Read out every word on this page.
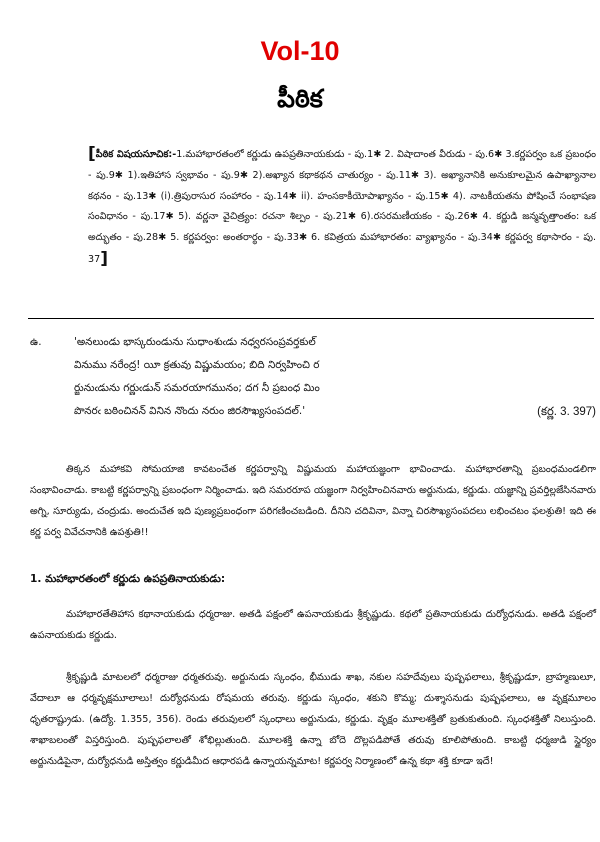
Vol-10
పీఠిక
[పీఠిక విషయసూచిక:-1.మహాభారతంలో కర్ణుడు ఉపప్రతినాయకుడు - పు.1✱ 2. విషాదాంత వీరుడు - పు.6✱ 3.కర్ణపర్వం ఒక ప్రబంధం - పు.9✱ 1).ఇతిహాస స్వభావం - పు.9✱ 2).అఖ్యాన కథాకథన చాతుర్యం - పు.11✱ 3). అఖ్యానానికి అనుకూలమైన ఉపాఖ్యానాల కథనం - పు.13✱ (i).త్రిపురాసుర సంహారం - పు.14✱ ii). హంసకాకీయోపాఖ్యానం - పు.15✱ 4). నాటకీయతను పోషించే సంభాషణ సంవిధానం - పు.17✱ 5). వర్ణనా వైచిత్ర్యం: రచనా శిల్పం - పు.21✱ 6).రసరమణీయకం - పు.26✱ 4. కర్ణుడి జన్మవృత్తాంతం: ఒక అద్భుతం - పు.28✱ 5. కర్ణపర్వం: అంతరార్థం - పు.33✱ 6. కవిత్రయ మహాభారతం: వ్యాఖ్యానం - పు.34✱ కర్ణపర్వ కథాసారం - పు. 37]
ఉ.	'అనలుండు భాస్కరుండును సుధాంశుఁడు నధ్వరసంప్రవర్తకుల్
వినుము నరేంద్ర! యీ క్రతువు విష్ణుమయం; బిది నిర్వహించి ర
ర్జునుఁడును గర్ణుఁడున్ సమరయాగమునం; దగ నీ ప్రబంధ మిం
పొనరఁ బఠించినన్ వినిన నొందు నరుం జిరసౌఖ్యసంపదల్.'	(కర్ణ. 3. 397)
తిక్కన మహాకవి సోమయాజి కావటంచేత కర్ణపర్వాన్ని విష్ణుమయ మహాయజ్ఞంగా భావించాడు. మహాభారతాన్ని ప్రబంధమండలిగా సంభావించాడు. కాబట్టి కర్ణపర్వాన్ని ప్రబంధంగా నిర్మించాడు. ఇది సమరరూప యజ్ఞంగా నిర్వహించినవారు అర్జునుడు, కర్ణుడు. యజ్ఞాన్ని ప్రవర్తిల్లజేసినవారు అగ్ని, సూర్యుడు, చంద్రుడు. అందుచేత ఇది పుణ్యప్రబంధంగా పరిగణించబడింది. దీనిని చదివినా, విన్నా చిరసౌఖ్యసంపదలు లభించటం ఫలశ్రుతి! ఇది ఈ కర్ణ పర్వ వివేచనానికి ఉపశ్రుతి!!
1. మహాభారతంలో కర్ణుడు ఉపప్రతినాయకుడు:
మహాభారతేతిహాస కథానాయకుడు ధర్మరాజు. అతడి పక్షంలో ఉపనాయకుడు శ్రీకృష్ణుడు. కథలో ప్రతినాయకుడు దుర్యోధనుడు. అతడి పక్షంలో ఉపనాయకుడు కర్ణుడు.
శ్రీకృష్ణుడి మాటలలో ధర్మరాజు ధర్మతరువు. అర్జునుడు స్కంధం, భీముడు శాఖ, నకుల సహదేవులు పుష్పఫలాలు, శ్రీకృష్ణుడూ, బ్రాహ్మణులూ, వేదాలూ ఆ ధర్మవృక్షమూలాలు! దుర్యోధనుడు రోషమయ తరువు. కర్ణుడు స్కంధం, శకుని కొమ్మ; దుశ్శాసనుడు పుష్పఫలాలు, ఆ వృక్షమూలం ధృతరాష్ట్రుడు. (ఉద్యో. 1.355, 356). రెండు తరువులలో స్కంధాలు అర్జునుడు, కర్ణుడు. వృక్షం మూలశక్తితో బ్రతుకుతుంది. స్కంధశక్తితో నిలుస్తుంది. శాఖాబలంతో విస్తరిస్తుంది. పుష్పఫలాలతో శోభిల్లుతుంది. మూలశక్తి ఉన్నా బోదె దొల్లపడిపోతే తరువు కూలిపోతుంది. కాబట్టి ధర్మజుడి స్థైర్యం అర్జునుడిపైనా, దుర్యోధనుడి అస్తిత్వం కర్ణుడిమీద ఆధారపడి ఉన్నాయన్నమాట! కర్ణపర్వ నిర్మాణంలో ఉన్న కథా శక్తి కూడా ఇదే!
